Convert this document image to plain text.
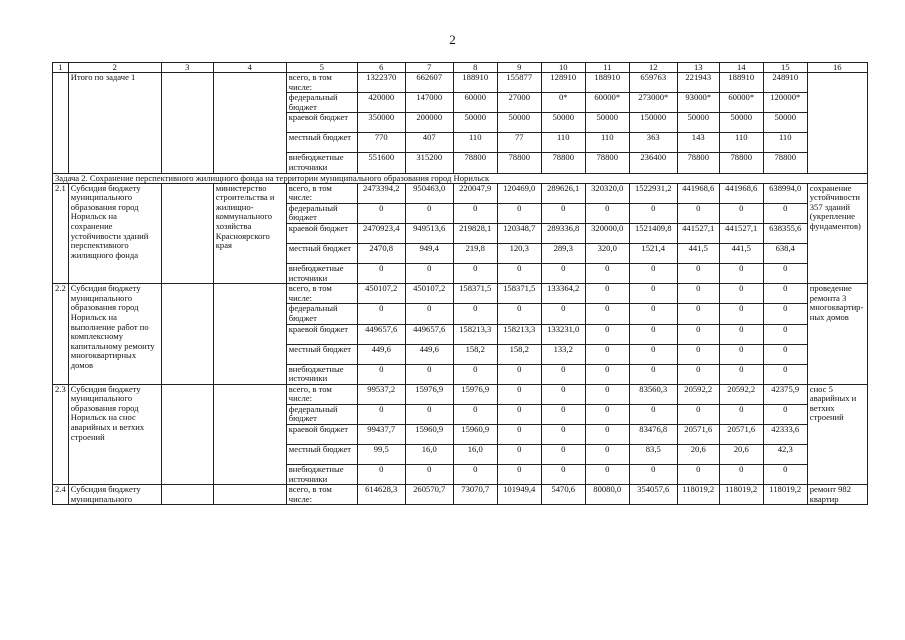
2
1	2	3	4	5	6	7	8	9	10	11	12	13	14	15	16
	Итого по задаче 1			всего, в том числе:	1322370	662607	188910	155877	128910	188910	659763	221943	188910	248910	
				федеральный бюджет	420000	147000	60000	27000	0*	60000*	273000*	93000*	60000*	120000*	
				краевой бюджет	350000	200000	50000	50000	50000	50000	150000	50000	50000	50000	
				местный бюджет	770	407	110	77	110	110	363	143	110	110	
				внебюджетные источники	551600	315200	78800	78800	78800	78800	236400	78800	78800	78800	
Задача 2. Сохранение перспективного жилищного фонда на территории муниципального образования город Норильск															
2.1	Субсидия бюджету муниципального образования город Норильск на сохранение устойчивости зданий перспективного жилищного фонда		министерство строительства и жилищно-коммунального хозяйства Красноярского края	всего, в том числе:	2473394,2	950463,0	220047,9	120469,0	289626,1	320320,0	1522931,2	441968,6	441968,6	638994,0	сохранение устойчивости 357 зданий (укрепление фундаментов)
				федеральный бюджет	0	0	0	0	0	0	0	0	0	0	
				краевой бюджет	2470923,4	949513,6	219828,1	120348,7	289336,8	320000,0	1521409,8	441527,1	441527,1	638355,6	
				местный бюджет	2470,8	949,4	219,8	120,3	289,3	320,0	1521,4	441,5	441,5	638,4	
				внебюджетные источники	0	0	0	0	0	0	0	0	0	0	
2.2	Субсидия бюджету муниципального образования город Норильск на выполнение работ по комплексному капитальному ремонту многоквартирных домов			всего, в том числе:	450107,2	450107,2	158371,5	158371,5	133364,2	0	0	0	0	0	проведение ремонта 3 многоквартир-ных домов
				федеральный бюджет	0	0	0	0	0	0	0	0	0	0	
				краевой бюджет	449657,6	449657,6	158213,3	158213,3	133231,0	0	0	0	0	0	
				местный бюджет	449,6	449,6	158,2	158,2	133,2	0	0	0	0	0	
				внебюджетные источники	0	0	0	0	0	0	0	0	0	0	
2.3	Субсидия бюджету муниципального образования город Норильск на снос аварийных и ветхих строений			всего, в том числе:	99537,2	15976,9	15976,9	0	0	0	83560,3	20592,2	20592,2	42375,9	снос 5 аварийных и ветхих строений
				федеральный бюджет	0	0	0	0	0	0	0	0	0	0	
				краевой бюджет	99437,7	15960,9	15960,9	0	0	0	83476,8	20571,6	20571,6	42333,6	
				местный бюджет	99,5	16,0	16,0	0	0	0	83,5	20,6	20,6	42,3	
				внебюджетные источники	0	0	0	0	0	0	0	0	0	0	
2.4	Субсидия бюджету муниципального			всего, в том числе:	614628,3	260570,7	73070,7	101949,4	5470,6	80080,0	354057,6	118019,2	118019,2	118019,2	ремонт 982 квартир
